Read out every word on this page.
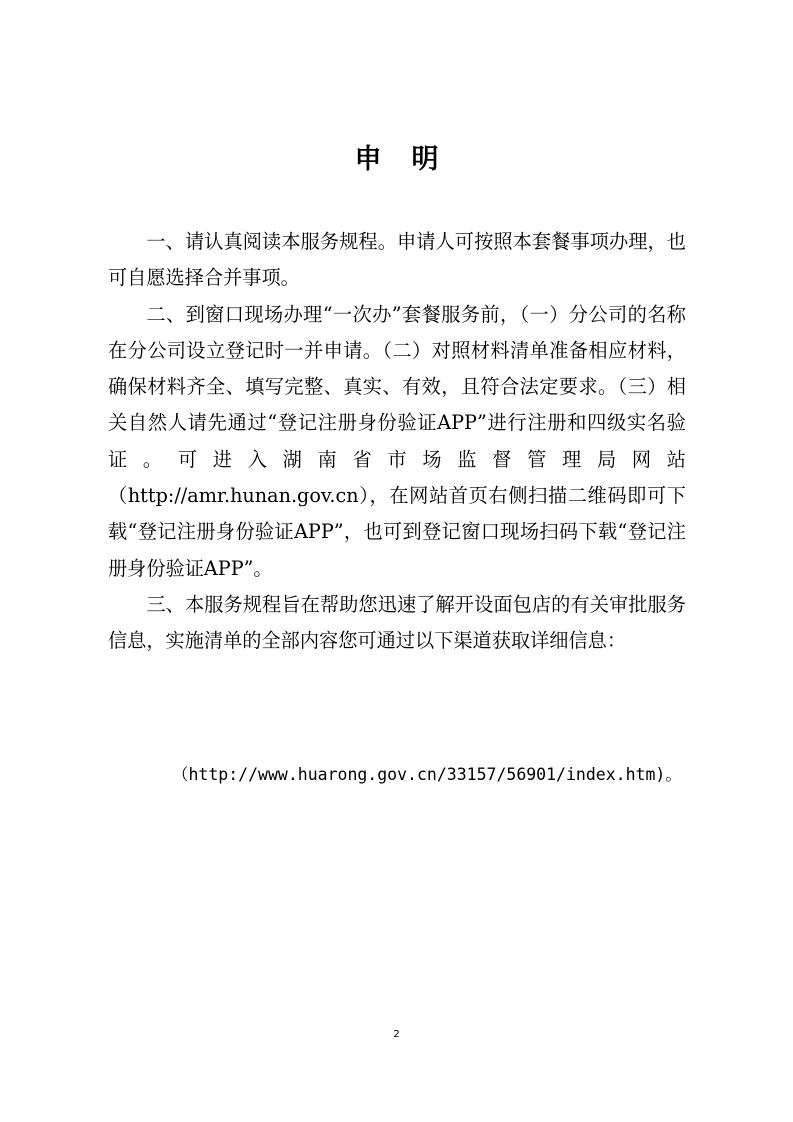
申明

一、请认真阅读本服务规程。申请人可按照本套餐事项办理，也可自愿选择合并事项。

二、到窗口现场办理“一次办”套餐服务前，（一）分公司的名称在分公司设立登记时一并申请。（二）对照材料清单准备相应材料，确保材料齐全、填写完整、真实、有效，且符合法定要求。（三）相关自然人请先通过“登记注册身份验证APP”进行注册和四级实名验证。可进入湖南省市场监督管理局网站（http://amr.hunan.gov.cn），在网站首页右侧扫描二维码即可下载“登记注册身份验证APP”，也可到登记窗口现场扫码下载“登记注册身份验证APP”。

三、本服务规程旨在帮助您迅速了解开设面包店的有关审批服务信息，实施清单的全部内容您可通过以下渠道获取详细信息：

（http://www.huarong.gov.cn/33157/56901/index.htm)。
2
